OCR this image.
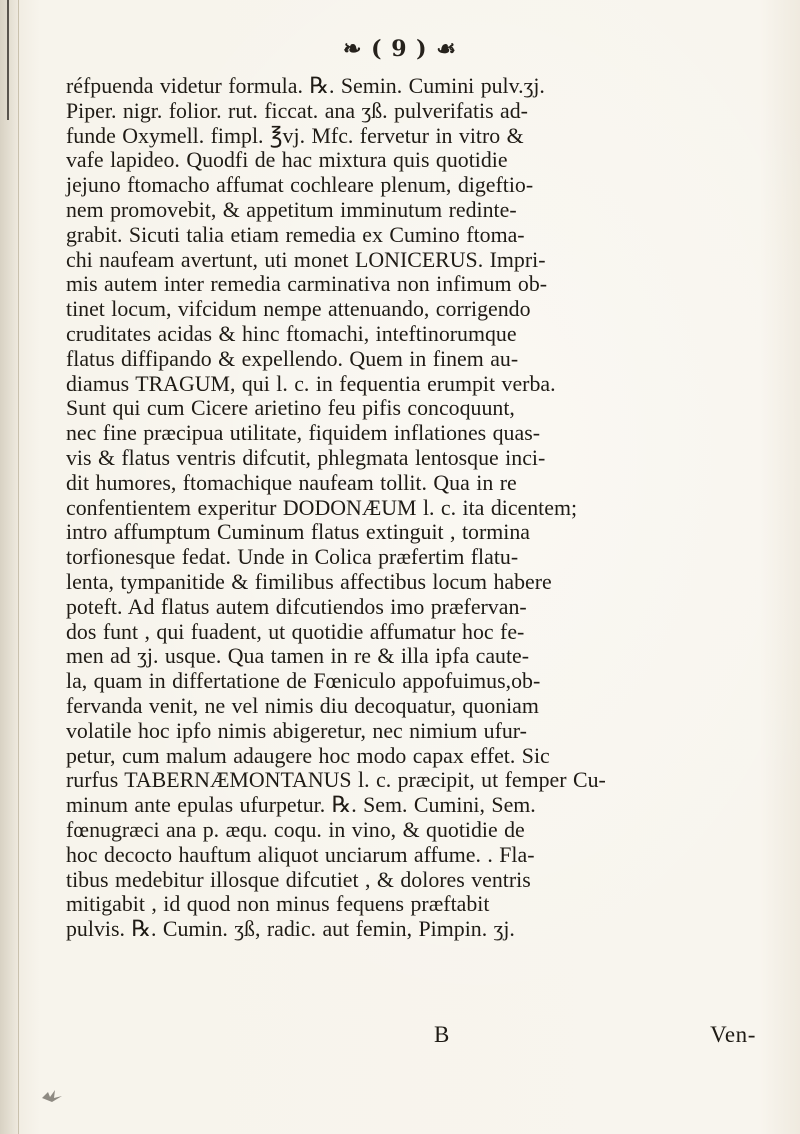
❧ ( 9 ) ☙
réfpuenda videtur formula. ℞. Semin. Cumini pulv.ʒj.
Piper. nigr. folior. rut. ficcat. ana ʒß. pulverifatis ad-
funde Oxymell. fimpl. ℥vj. Mfc. fervetur in vitro &
vafe lapideo. Quodfi de hac mixtura quis quotidie
jejuno ftomacho affumat cochleare plenum, digeftio-
nem promovebit, & appetitum imminutum redinte-
grabit. Sicuti talia etiam remedia ex Cumino ftoma-
chi naufeam avertunt, uti monet LONICERUS. Impri-
mis autem inter remedia carminativa non infimum ob-
tinet locum, vifcidum nempe attenuando, corrigendo
cruditates acidas & hinc ftomachi, inteftinorumque
flatus diffipando & expellendo. Quem in finem au-
diamus TRAGUM, qui l. c. in fequentia erumpit verba.
Sunt qui cum Cicere arietino feu pifis concoquunt,
nec fine præcipua utilitate, fiquidem inflationes quas-
vis & flatus ventris difcutit, phlegmata lentosque inci-
dit humores, ftomachique naufeam tollit. Qua in re
confentientem experitur DODONÆUM l. c. ita dicentem;
intro affumptum Cuminum flatus extinguit , tormina
torfionesque fedat. Unde in Colica præfertim flatu-
lenta, tympanitide & fimilibus affectibus locum habere
poteft. Ad flatus autem difcutiendos imo præfervan-
dos funt , qui fuadent, ut quotidie affumatur hoc fe-
men ad ʒj. usque. Qua tamen in re & illa ipfa caute-
la, quam in differtatione de Fœniculo appofuimus,ob-
fervanda venit, ne vel nimis diu decoquatur, quoniam
volatile hoc ipfo nimis abigeretur, nec nimium ufur-
petur, cum malum adaugere hoc modo capax effet. Sic
rurfus TABERNÆMONTANUS l. c. præcipit, ut femper Cu-
minum ante epulas ufurpetur. ℞. Sem. Cumini, Sem.
fœnugræci ana p. æqu. coqu. in vino, & quotidie de
hoc decocto hauftum aliquot unciarum affume. . Fla-
tibus medebitur illosque difcutiet , & dolores ventris
mitigabit , id quod non minus fequens præftabit
pulvis. ℞. Cumin. ʒß, radic. aut femin, Pimpin. ʒj.
B	Ven-
